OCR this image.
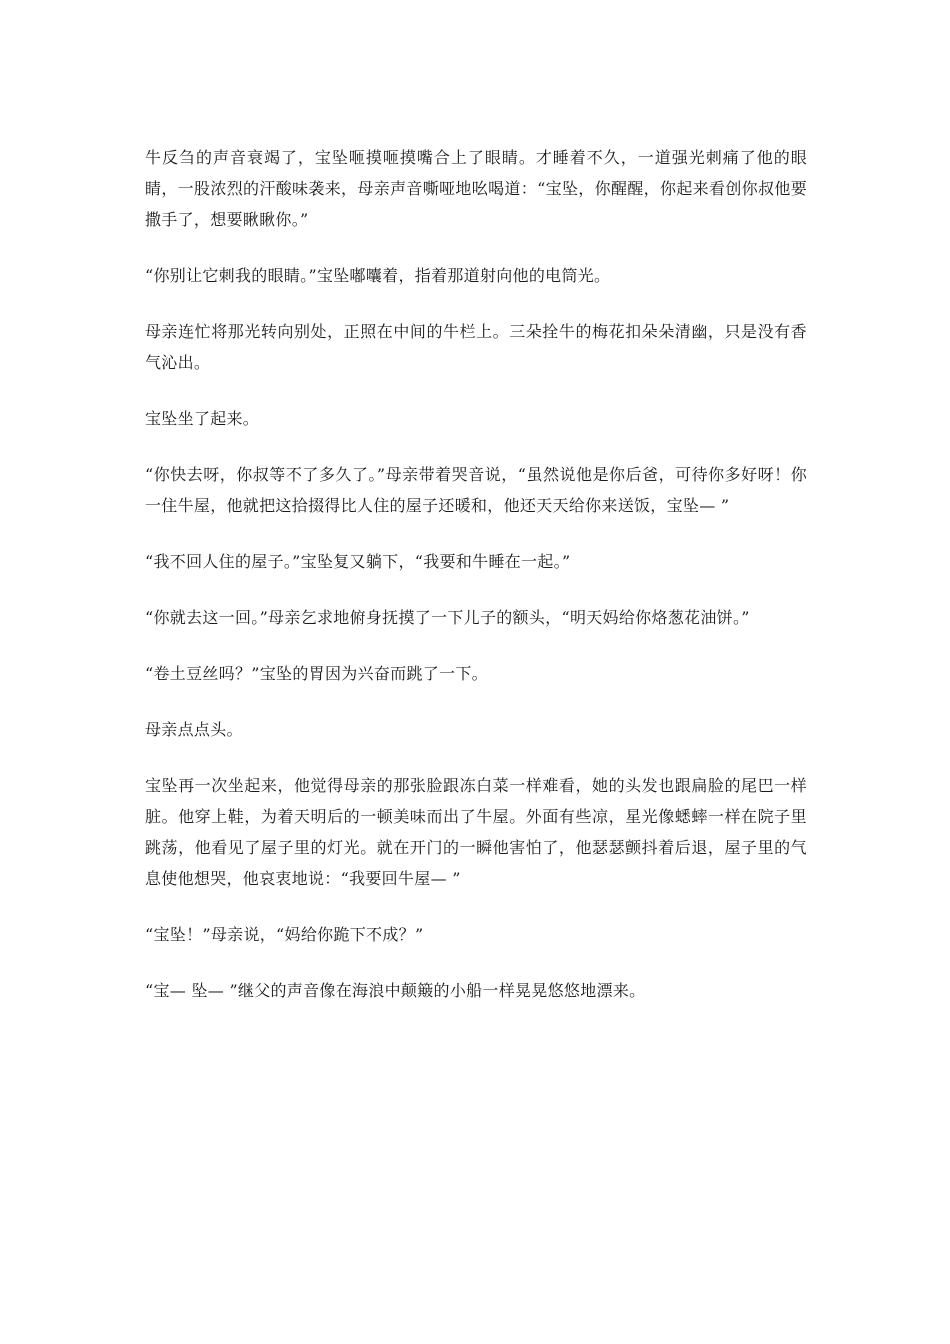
牛反刍的声音衰竭了，宝坠咂摸咂摸嘴合上了眼睛。才睡着不久，一道强光刺痛了他的眼睛，一股浓烈的汗酸味袭来，母亲声音嘶哑地吆喝道：“宝坠，你醒醒，你起来看创你叔他要撒手了，想要瞅瞅你。”

“你别让它刺我的眼睛。”宝坠嘟囔着，指着那道射向他的电筒光。

母亲连忙将那光转向别处，正照在中间的牛栏上。三朵拴牛的梅花扣朵朵清幽，只是没有香气沁出。

宝坠坐了起来。

“你快去呀，你叔等不了多久了。”母亲带着哭音说，“虽然说他是你后爸，可待你多好呀！你一住牛屋，他就把这拾掇得比人住的屋子还暖和，他还天天给你来送饭，宝坠— ”

“我不回人住的屋子。”宝坠复又躺下，“我要和牛睡在一起。”

“你就去这一回。”母亲乞求地俯身抚摸了一下儿子的额头，“明天妈给你烙葱花油饼。”

“卷土豆丝吗？”宝坠的胃因为兴奋而跳了一下。

母亲点点头。

宝坠再一次坐起来，他觉得母亲的那张脸跟冻白菜一样难看，她的头发也跟扁脸的尾巴一样脏。他穿上鞋，为着天明后的一顿美味而出了牛屋。外面有些凉，星光像蟋蟀一样在院子里跳荡，他看见了屋子里的灯光。就在开门的一瞬他害怕了，他瑟瑟颤抖着后退，屋子里的气息使他想哭，他哀衷地说：“我要回牛屋— ”

“宝坠！”母亲说，“妈给你跪下不成？”

“宝— 坠— ”继父的声音像在海浪中颠簸的小船一样晃晃悠悠地漂来。
